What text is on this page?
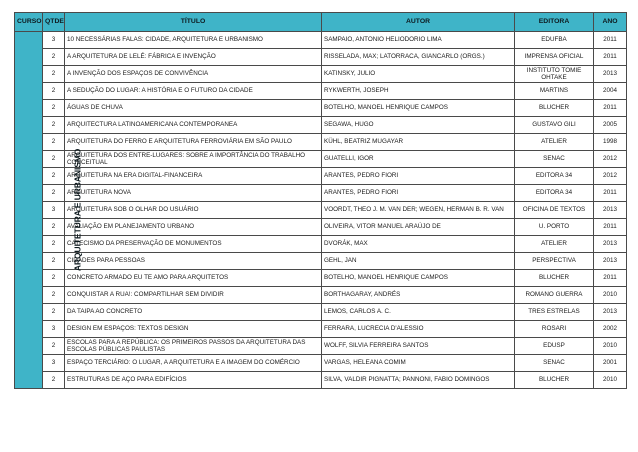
CURSO	QTDE	TÍTULO	AUTOR	EDITORA	ANO
ARQUITETURA E URBANISMO	3	10 NECESSÁRIAS FALAS: CIDADE, ARQUITETURA E URBANISMO	SAMPAIO, ANTONIO HELIODORIO LIMA	EDUFBA	2011
	2	A ARQUITETURA DE LELÉ: FÁBRICA E INVENÇÃO	RISSELADA, MAX; LATORRACA, GIANCARLO (ORGS.)	IMPRENSA OFICIAL	2011
	2	A INVENÇÃO DOS ESPAÇOS DE CONVIVÊNCIA	KATINSKY, JULIO	INSTITUTO TOMIE OHTAKE	2013
	2	A SEDUÇÃO DO LUGAR: A HISTÓRIA E O FUTURO DA CIDADE	RYKWERTH, JOSEPH	MARTINS	2004
	2	ÁGUAS DE CHUVA	BOTELHO, MANOEL HENRIQUE CAMPOS	BLUCHER	2011
	2	ARQUITECTURA LATINOAMERICANA CONTEMPORANEA	SEGAWA, HUGO	GUSTAVO GILI	2005
	2	ARQUITETURA DO FERRO E ARQUITETURA FERROVIÁRIA EM SÃO PAULO	KÜHL, BEATRIZ MUGAYAR	ATELIER	1998
	2	ARQUITETURA DOS ENTRE-LUGARES: SOBRE A IMPORTÂNCIA DO TRABALHO CONCEITUAL	GUATELLI, IGOR	SENAC	2012
	2	ARQUITETURA NA ERA DIGITAL-FINANCEIRA	ARANTES, PEDRO FIORI	EDITORA 34	2012
	2	ARQUITETURA NOVA	ARANTES, PEDRO FIORI	EDITORA 34	2011
	3	ARQUITETURA SOB O OLHAR DO USUÁRIO	VOORDT, THEO J. M. VAN DER; WEGEN, HERMAN B. R. VAN	OFICINA DE TEXTOS	2013
	2	AVALIAÇÃO EM PLANEJAMENTO URBANO	OLIVEIRA, VITOR MANUEL ARAÚJO DE	U. PORTO	2011
	2	CATECISMO DA PRESERVAÇÃO DE MONUMENTOS	DVORÁK, MAX	ATELIER	2013
	2	CIDADES PARA PESSOAS	GEHL, JAN	PERSPECTIVA	2013
	2	CONCRETO ARMADO EU TE AMO PARA ARQUITETOS	BOTELHO, MANOEL HENRIQUE CAMPOS	BLUCHER	2011
	2	CONQUISTAR A RUA!: COMPARTILHAR SEM DIVIDIR	BORTHAGARAY, ANDRÉS	ROMANO GUERRA	2010
	2	DA TAIPA AO CONCRETO	LEMOS, CARLOS A. C.	TRES ESTRELAS	2013
	3	DESIGN EM ESPAÇOS: TEXTOS DESIGN	FERRARA, LUCRECIA D'ALESSIO	ROSARI	2002
	2	ESCOLAS PARA A REPÚBLICA: OS PRIMEIROS PASSOS DA ARQUITETURA DAS ESCOLAS PÚBLICAS PAULISTAS	WOLFF, SILVIA FERREIRA SANTOS	EDUSP	2010
	3	ESPAÇO TERCIÁRIO: O LUGAR, A ARQUITETURA E A IMAGEM DO COMÉRCIO	VARGAS, HELEANA COMIM	SENAC	2001
	2	ESTRUTURAS DE AÇO PARA EDIFÍCIOS	SILVA, VALDIR PIGNATTA; PANNONI, FABIO DOMINGOS	BLUCHER	2010
